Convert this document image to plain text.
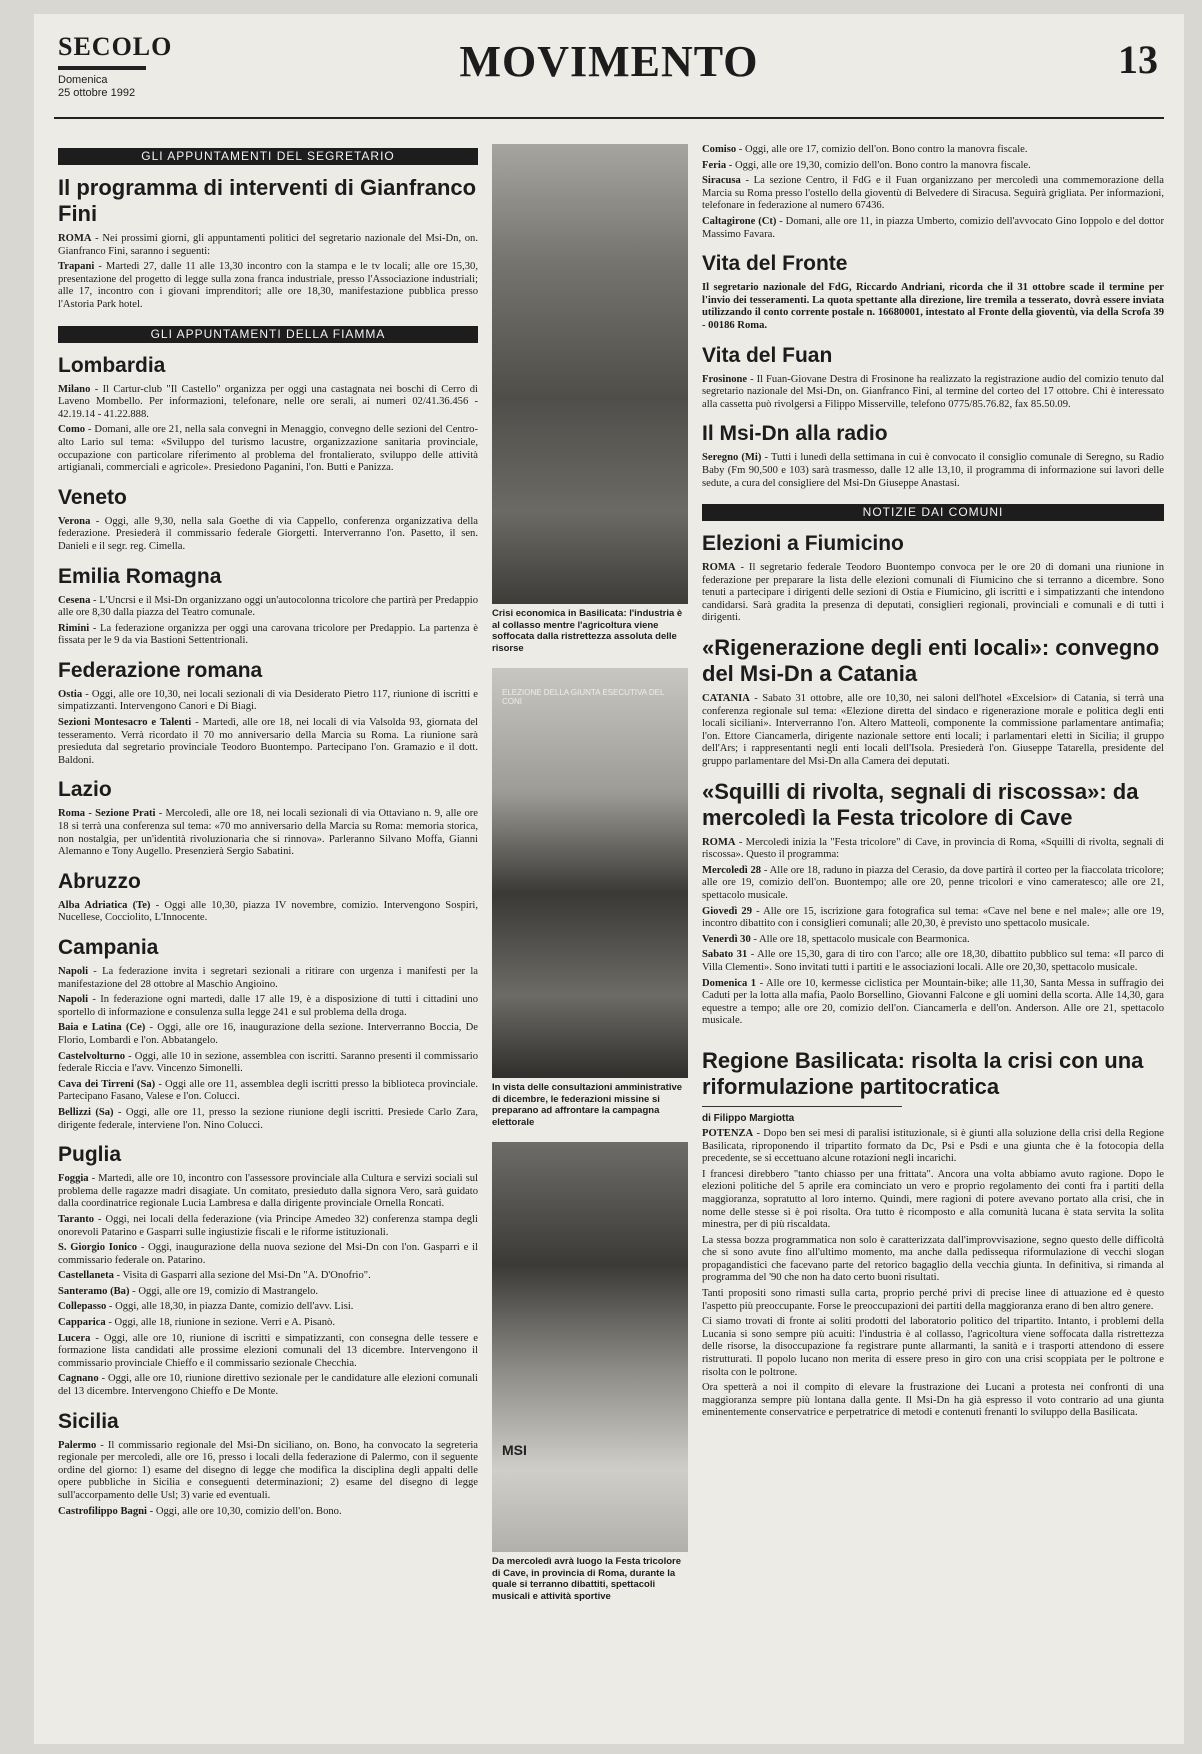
SECOLO
Domenica
25 ottobre 1992
MOVIMENTO	13
GLI APPUNTAMENTI DEL SEGRETARIO
Il programma di interventi di Gianfranco Fini

ROMA - Nei prossimi giorni, gli appuntamenti politici del segretario nazionale del Msi-Dn, on. Gianfranco Fini, saranno i seguenti:

Trapani - Martedì 27, dalle 11 alle 13,30 incontro con la stampa e le tv locali; alle ore 15,30, presentazione del progetto di legge sulla zona franca industriale, presso l'Associazione industriali; alle 17, incontro con i giovani imprenditori; alle ore 18,30, manifestazione pubblica presso l'Astoria Park hotel.

GLI APPUNTAMENTI DELLA FIAMMA
Lombardia

Milano - Il Cartur-club "Il Castello" organizza per oggi una castagnata nei boschi di Cerro di Laveno Mombello. Per informazioni, telefonare, nelle ore serali, ai numeri 02/41.36.456 - 42.19.14 - 41.22.888.

Como - Domani, alle ore 21, nella sala convegni in Menaggio, convegno delle sezioni del Centro-alto Lario sul tema: «Sviluppo del turismo lacustre, organizzazione sanitaria provinciale, occupazione con particolare riferimento al problema del frontalierato, sviluppo delle attività artigianali, commerciali e agricole». Presiedono Paganini, l'on. Butti e Panizza.

Veneto

Verona - Oggi, alle 9,30, nella sala Goethe di via Cappello, conferenza organizzativa della federazione. Presiederà il commissario federale Giorgetti. Interverranno l'on. Pasetto, il sen. Danieli e il segr. reg. Cimella.

Emilia Romagna

Cesena - L'Uncrsi e il Msi-Dn organizzano oggi un'autocolonna tricolore che partirà per Predappio alle ore 8,30 dalla piazza del Teatro comunale.

Rimini - La federazione organizza per oggi una carovana tricolore per Predappio. La partenza è fissata per le 9 da via Bastioni Settentrionali.

Federazione romana

Ostia - Oggi, alle ore 10,30, nei locali sezionali di via Desiderato Pietro 117, riunione di iscritti e simpatizzanti. Intervengono Canori e Di Biagi.

Sezioni Montesacro e Talenti - Martedì, alle ore 18, nei locali di via Valsolda 93, giornata del tesseramento. Verrà ricordato il 70 mo anniversario della Marcia su Roma. La riunione sarà presieduta dal segretario provinciale Teodoro Buontempo. Partecipano l'on. Gramazio e il dott. Baldoni.

Lazio

Roma - Sezione Prati - Mercoledì, alle ore 18, nei locali sezionali di via Ottaviano n. 9, alle ore 18 si terrà una conferenza sul tema: «70 mo anniversario della Marcia su Roma: memoria storica, non nostalgia, per un'identità rivoluzionaria che si rinnova». Parleranno Silvano Moffa, Gianni Alemanno e Tony Augello. Presenzierà Sergio Sabatini.

Abruzzo

Alba Adriatica (Te) - Oggi alle 10,30, piazza IV novembre, comizio. Intervengono Sospiri, Nucellese, Cocciolito, L'Innocente.

Campania

Napoli - La federazione invita i segretari sezionali a ritirare con urgenza i manifesti per la manifestazione del 28 ottobre al Maschio Angioino.

Napoli - In federazione ogni martedì, dalle 17 alle 19, è a disposizione di tutti i cittadini uno sportello di informazione e consulenza sulla legge 241 e sul problema della droga.

Baia e Latina (Ce) - Oggi, alle ore 16, inaugurazione della sezione. Interverranno Boccia, De Florio, Lombardi e l'on. Abbatangelo.

Castelvolturno - Oggi, alle 10 in sezione, assemblea con iscritti. Saranno presenti il commissario federale Riccia e l'avv. Vincenzo Simonelli.

Cava dei Tirreni (Sa) - Oggi alle ore 11, assemblea degli iscritti presso la biblioteca provinciale. Partecipano Fasano, Valese e l'on. Colucci.

Bellizzi (Sa) - Oggi, alle ore 11, presso la sezione riunione degli iscritti. Presiede Carlo Zara, dirigente federale, interviene l'on. Nino Colucci.

Puglia

Foggia - Martedì, alle ore 10, incontro con l'assessore provinciale alla Cultura e servizi sociali sul problema delle ragazze madri disagiate. Un comitato, presieduto dalla signora Vero, sarà guidato dalla coordinatrice regionale Lucia Lambresa e dalla dirigente provinciale Ornella Roncati.

Taranto - Oggi, nei locali della federazione (via Principe Amedeo 32) conferenza stampa degli onorevoli Patarino e Gasparri sulle ingiustizie fiscali e le riforme istituzionali.

S. Giorgio Ionico - Oggi, inaugurazione della nuova sezione del Msi-Dn con l'on. Gasparri e il commissario federale on. Patarino.

Castellaneta - Visita di Gasparri alla sezione del Msi-Dn "A. D'Onofrio".

Santeramo (Ba) - Oggi, alle ore 19, comizio di Mastrangelo.

Collepasso - Oggi, alle 18,30, in piazza Dante, comizio dell'avv. Lisi.

Capparica - Oggi, alle 18, riunione in sezione. Verri e A. Pisanò.

Lucera - Oggi, alle ore 10, riunione di iscritti e simpatizzanti, con consegna delle tessere e formazione lista candidati alle prossime elezioni comunali del 13 dicembre. Intervengono il commissario provinciale Chieffo e il commissario sezionale Checchia.

Cagnano - Oggi, alle ore 10, riunione direttivo sezionale per le candidature alle elezioni comunali del 13 dicembre. Intervengono Chieffo e De Monte.

Sicilia

Palermo - Il commissario regionale del Msi-Dn siciliano, on. Bono, ha convocato la segreteria regionale per mercoledì, alle ore 16, presso i locali della federazione di Palermo, con il seguente ordine del giorno: 1) esame del disegno di legge che modifica la disciplina degli appalti delle opere pubbliche in Sicilia e conseguenti determinazioni; 2) esame del disegno di legge sull'accorpamento delle Usl; 3) varie ed eventuali.

Castrofilippo Bagni - Oggi, alle ore 10,30, comizio dell'on. Bono.

Crisi economica in Basilicata: l'industria è al collasso mentre l'agricoltura viene soffocata dalla ristrettezza assoluta delle risorse
ELEZIONE DELLA GIUNTA ESECUTIVA DEL CONI
In vista delle consultazioni amministrative di dicembre, le federazioni missine si preparano ad affrontare la campagna elettorale
MSI
Da mercoledì avrà luogo la Festa tricolore di Cave, in provincia di Roma, durante la quale si terranno dibattiti, spettacoli musicali e attività sportive

Comiso - Oggi, alle ore 17, comizio dell'on. Bono contro la manovra fiscale.

Feria - Oggi, alle ore 19,30, comizio dell'on. Bono contro la manovra fiscale.

Siracusa - La sezione Centro, il FdG e il Fuan organizzano per mercoledì una commemorazione della Marcia su Roma presso l'ostello della gioventù di Belvedere di Siracusa. Seguirà grigliata. Per informazioni, telefonare in federazione al numero 67436.

Caltagirone (Ct) - Domani, alle ore 11, in piazza Umberto, comizio dell'avvocato Gino Ioppolo e del dottor Massimo Favara.

Vita del Fronte

Il segretario nazionale del FdG, Riccardo Andriani, ricorda che il 31 ottobre scade il termine per l'invio dei tesseramenti. La quota spettante alla direzione, lire tremila a tesserato, dovrà essere inviata utilizzando il conto corrente postale n. 16680001, intestato al Fronte della gioventù, via della Scrofa 39 - 00186 Roma.

Vita del Fuan

Frosinone - Il Fuan-Giovane Destra di Frosinone ha realizzato la registrazione audio del comizio tenuto dal segretario nazionale del Msi-Dn, on. Gianfranco Fini, al termine del corteo del 17 ottobre. Chi è interessato alla cassetta può rivolgersi a Filippo Misserville, telefono 0775/85.76.82, fax 85.50.09.

Il Msi-Dn alla radio

Seregno (Mi) - Tutti i lunedì della settimana in cui è convocato il consiglio comunale di Seregno, su Radio Baby (Fm 90,500 e 103) sarà trasmesso, dalle 12 alle 13,10, il programma di informazione sui lavori delle sedute, a cura del consigliere del Msi-Dn Giuseppe Anastasi.

NOTIZIE DAI COMUNI
Elezioni a Fiumicino

ROMA - Il segretario federale Teodoro Buontempo convoca per le ore 20 di domani una riunione in federazione per preparare la lista delle elezioni comunali di Fiumicino che si terranno a dicembre. Sono tenuti a partecipare i dirigenti delle sezioni di Ostia e Fiumicino, gli iscritti e i simpatizzanti che intendono candidarsi. Sarà gradita la presenza di deputati, consiglieri regionali, provinciali e comunali e di tutti i dirigenti.

«Rigenerazione degli enti locali»: convegno del Msi-Dn a Catania

CATANIA - Sabato 31 ottobre, alle ore 10,30, nei saloni dell'hotel «Excelsior» di Catania, si terrà una conferenza regionale sul tema: «Elezione diretta del sindaco e rigenerazione morale e politica degli enti locali siciliani». Interverranno l'on. Altero Matteoli, componente la commissione parlamentare antimafia; l'on. Ettore Ciancamerla, dirigente nazionale settore enti locali; i parlamentari eletti in Sicilia; il gruppo dell'Ars; i rappresentanti negli enti locali dell'Isola. Presiederà l'on. Giuseppe Tatarella, presidente del gruppo parlamentare del Msi-Dn alla Camera dei deputati.

«Squilli di rivolta, segnali di riscossa»: da mercoledì la Festa tricolore di Cave

ROMA - Mercoledì inizia la "Festa tricolore" di Cave, in provincia di Roma, «Squilli di rivolta, segnali di riscossa». Questo il programma:

Mercoledì 28 - Alle ore 18, raduno in piazza del Cerasio, da dove partirà il corteo per la fiaccolata tricolore; alle ore 19, comizio dell'on. Buontempo; alle ore 20, penne tricolori e vino cameratesco; alle ore 21, spettacolo musicale.

Giovedì 29 - Alle ore 15, iscrizione gara fotografica sul tema: «Cave nel bene e nel male»; alle ore 19, incontro dibattito con i consiglieri comunali; alle 20,30, è previsto uno spettacolo musicale.

Venerdì 30 - Alle ore 18, spettacolo musicale con Bearmonica.

Sabato 31 - Alle ore 15,30, gara di tiro con l'arco; alle ore 18,30, dibattito pubblico sul tema: «Il parco di Villa Clementi». Sono invitati tutti i partiti e le associazioni locali. Alle ore 20,30, spettacolo musicale.

Domenica 1 - Alle ore 10, kermesse ciclistica per Mountain-bike; alle 11,30, Santa Messa in suffragio dei Caduti per la lotta alla mafia, Paolo Borsellino, Giovanni Falcone e gli uomini della scorta. Alle 14,30, gara equestre a tempo; alle ore 20, comizio dell'on. Ciancamerla e dell'on. Anderson. Alle ore 21, spettacolo musicale.

Regione Basilicata: risolta la crisi con una riformulazione partitocratica
di Filippo Margiotta

POTENZA - Dopo ben sei mesi di paralisi istituzionale, si è giunti alla soluzione della crisi della Regione Basilicata, riproponendo il tripartito formato da Dc, Psi e Psdi e una giunta che è la fotocopia della precedente, se si eccettuano alcune rotazioni negli incarichi.

I francesi direbbero "tanto chiasso per una frittata". Ancora una volta abbiamo avuto ragione. Dopo le elezioni politiche del 5 aprile era cominciato un vero e proprio regolamento dei conti fra i partiti della maggioranza, sopratutto al loro interno. Quindi, mere ragioni di potere avevano portato alla crisi, che in nome delle stesse si è poi risolta. Ora tutto è ricomposto e alla comunità lucana è stata servita la solita minestra, per di più riscaldata.

La stessa bozza programmatica non solo è caratterizzata dall'improvvisazione, segno questo delle difficoltà che si sono avute fino all'ultimo momento, ma anche dalla pedissequa riformulazione di vecchi slogan propagandistici che facevano parte del retorico bagaglio della vecchia giunta. In definitiva, si rimanda al programma del '90 che non ha dato certo buoni risultati.

Tanti propositi sono rimasti sulla carta, proprio perché privi di precise linee di attuazione ed è questo l'aspetto più preoccupante. Forse le preoccupazioni dei partiti della maggioranza erano di ben altro genere.

Ci siamo trovati di fronte ai soliti prodotti del laboratorio politico del tripartito. Intanto, i problemi della Lucania si sono sempre più acuiti: l'industria è al collasso, l'agricoltura viene soffocata dalla ristrettezza delle risorse, la disoccupazione fa registrare punte allarmanti, la sanità e i trasporti attendono di essere ristrutturati. Il popolo lucano non merita di essere preso in giro con una crisi scoppiata per le poltrone e risolta con le poltrone.

Ora spetterà a noi il compito di elevare la frustrazione dei Lucani a protesta nei confronti di una maggioranza sempre più lontana dalla gente. Il Msi-Dn ha già espresso il voto contrario ad una giunta eminentemente conservatrice e perpetratrice di metodi e contenuti frenanti lo sviluppo della Basilicata.
